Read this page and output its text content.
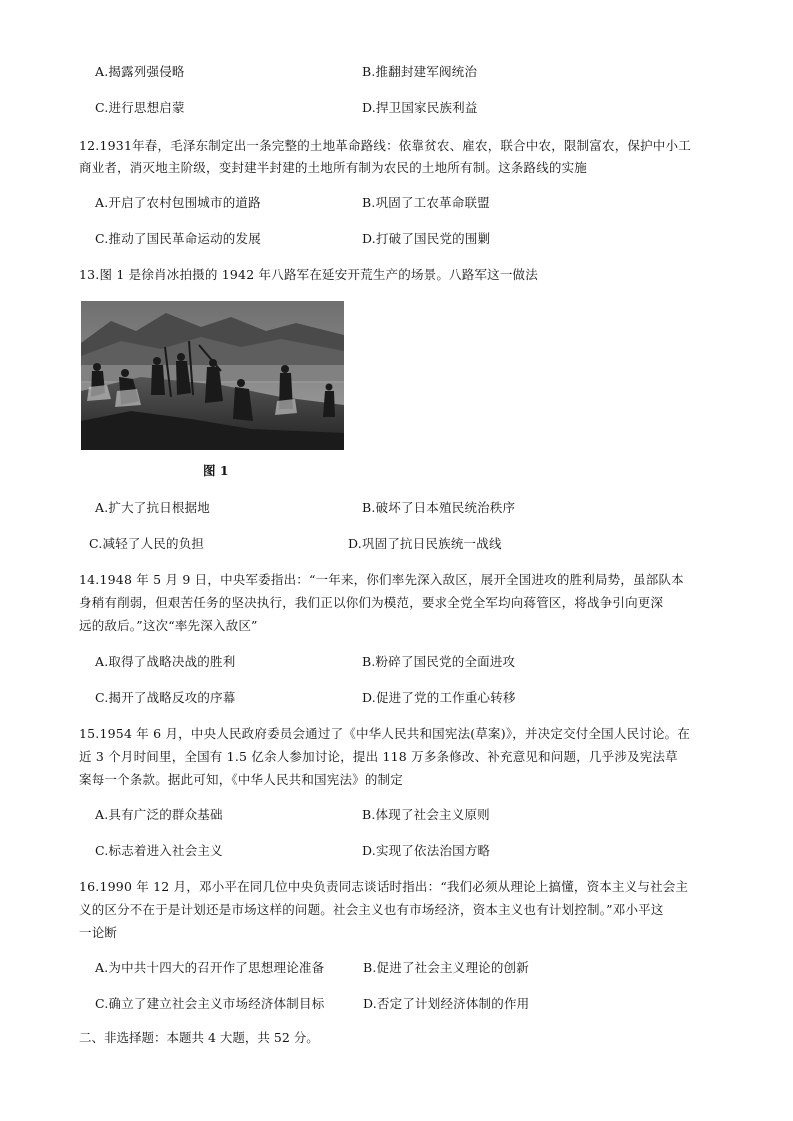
A.揭露列强侵略	B.推翻封建军阀统治
C.进行思想启蒙	D.捍卫国家民族利益
12.1931年春，毛泽东制定出一条完整的土地革命路线：依靠贫农、雇农，联合中农，限制富农，保护中小工
商业者，消灭地主阶级，变封建半封建的土地所有制为农民的土地所有制。这条路线的实施
A.开启了农村包围城市的道路	B.巩固了工农革命联盟
C.推动了国民革命运动的发展	D.打破了国民党的围剿
13.图 1 是徐肖冰拍摄的 1942 年八路军在延安开荒生产的场景。八路军这一做法
图 1
A.扩大了抗日根据地	B.破坏了日本殖民统治秩序
C.减轻了人民的负担	D.巩固了抗日民族统一战线
14.1948 年 5 月 9 日，中央军委指出：“一年来，你们率先深入敌区，展开全国进攻的胜利局势，虽部队本
身稍有削弱，但艰苦任务的坚决执行，我们正以你们为模范，要求全党全军均向蒋管区，将战争引向更深
远的敌后。”这次“率先深入敌区”
A.取得了战略决战的胜利	B.粉碎了国民党的全面进攻
C.揭开了战略反攻的序幕	D.促进了党的工作重心转移
15.1954 年 6 月，中央人民政府委员会通过了《中华人民共和国宪法(草案)》，并决定交付全国人民讨论。在
近 3 个月时间里，全国有 1.5 亿余人参加讨论，提出 118 万多条修改、补充意见和问题，几乎涉及宪法草
案每一个条款。据此可知，《中华人民共和国宪法》的制定
A.具有广泛的群众基础	B.体现了社会主义原则
C.标志着进入社会主义	D.实现了依法治国方略
16.1990 年 12 月，邓小平在同几位中央负责同志谈话时指出：“我们必须从理论上搞懂，资本主义与社会主
义的区分不在于是计划还是市场这样的问题。社会主义也有市场经济，资本主义也有计划控制。”邓小平这
一论断
A.为中共十四大的召开作了思想理论准备	B.促进了社会主义理论的创新
C.确立了建立社会主义市场经济体制目标	D.否定了计划经济体制的作用
二、非选择题：本题共 4 大题，共 52 分。
